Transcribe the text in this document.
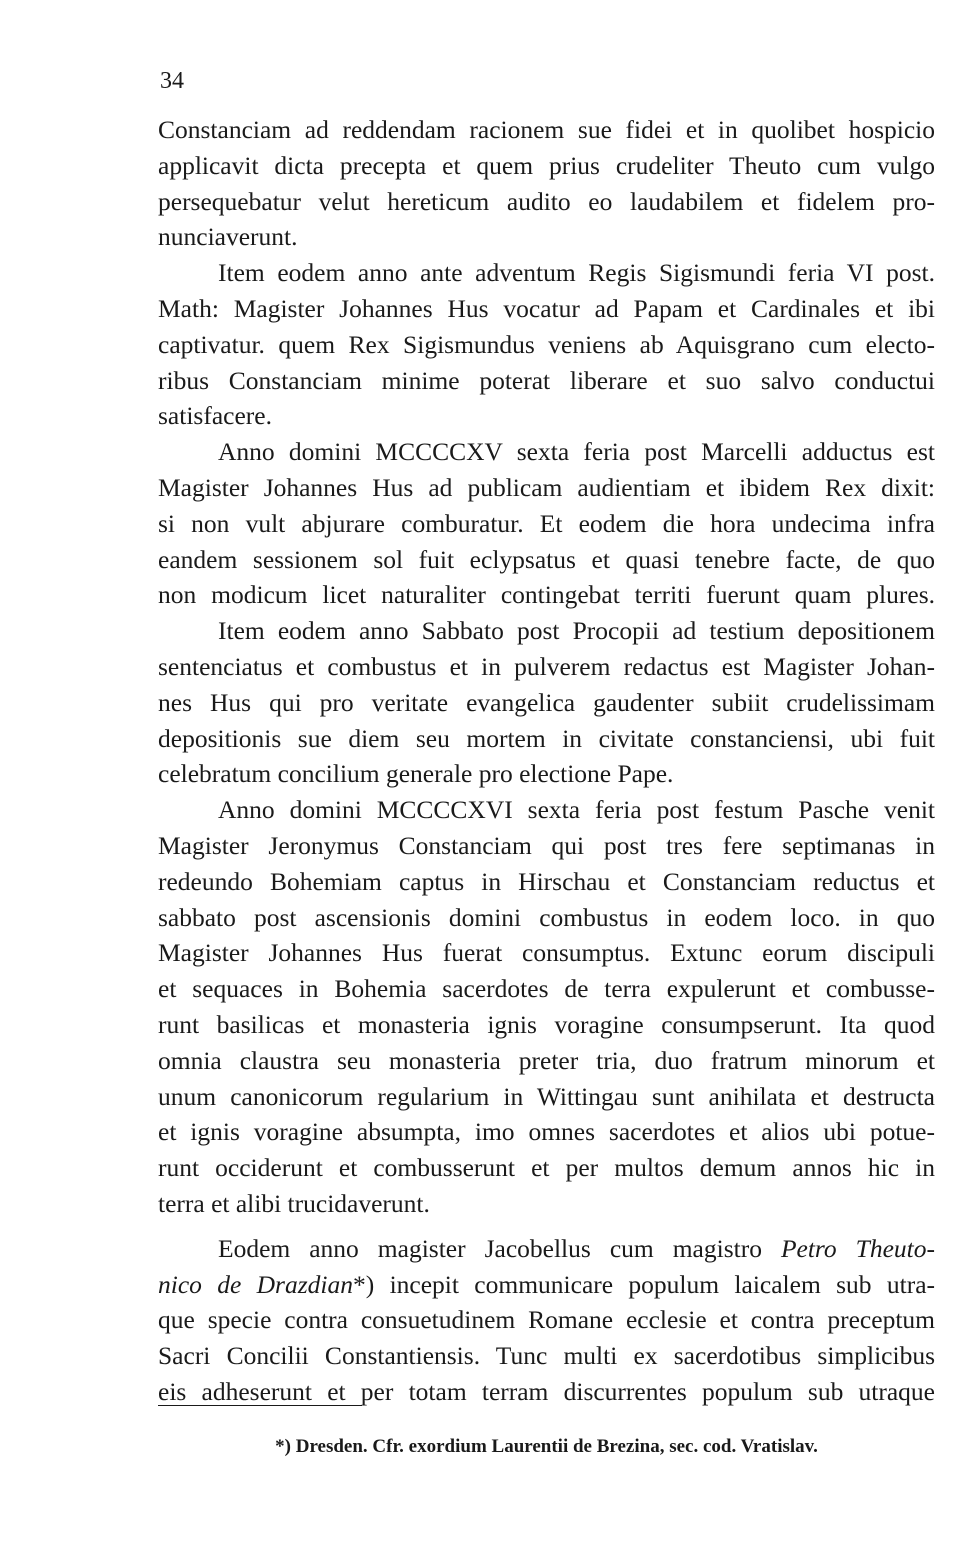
34
Constanciam ad reddendam racionem sue fidei et in quolibet hospicio
applicavit dicta precepta et quem prius crudeliter Theuto cum vulgo
persequebatur velut hereticum audito eo laudabilem et fidelem pro-
nunciaverunt.
Item eodem anno ante adventum Regis Sigismundi feria VI post.
Math: Magister Johannes Hus vocatur ad Papam et Cardinales et ibi
captivatur. quem Rex Sigismundus veniens ab Aquisgrano cum electo-
ribus Constanciam minime poterat liberare et suo salvo conductui
satisfacere.
Anno domini MCCCCXV sexta feria post Marcelli adductus est
Magister Johannes Hus ad publicam audientiam et ibidem Rex dixit:
si non vult abjurare comburatur. Et eodem die hora undecima infra
eandem sessionem sol fuit eclypsatus et quasi tenebre facte, de quo
non modicum licet naturaliter contingebat territi fuerunt quam plures.
Item eodem anno Sabbato post Procopii ad testium depositionem
sentenciatus et combustus et in pulverem redactus est Magister Johan-
nes Hus qui pro veritate evangelica gaudenter subiit crudelissimam
depositionis sue diem seu mortem in civitate constanciensi, ubi fuit
celebratum concilium generale pro electione Pape.
Anno domini MCCCCXVI sexta feria post festum Pasche venit
Magister Jeronymus Constanciam qui post tres fere septimanas in
redeundo Bohemiam captus in Hirschau et Constanciam reductus et
sabbato post ascensionis domini combustus in eodem loco. in quo
Magister Johannes Hus fuerat consumptus. Extunc eorum discipuli
et sequaces in Bohemia sacerdotes de terra expulerunt et combusse-
runt basilicas et monasteria ignis voragine consumpserunt. Ita quod
omnia claustra seu monasteria preter tria, duo fratrum minorum et
unum canonicorum regularium in Wittingau sunt anihilata et destructa
et ignis voragine absumpta, imo omnes sacerdotes et alios ubi potue-
runt occiderunt et combusserunt et per multos demum annos hic in
terra et alibi trucidaverunt.
Eodem anno magister Jacobellus cum magistro Petro Theuto-
nico de Drazdian*) incepit communicare populum laicalem sub utra-
que specie contra consuetudinem Romane ecclesie et contra preceptum
Sacri Concilii Constantiensis. Tunc multi ex sacerdotibus simplicibus
eis adheserunt et per totam terram discurrentes populum sub utraque
*) Dresden. Cfr. exordium Laurentii de Brezina, sec. cod. Vratislav.
